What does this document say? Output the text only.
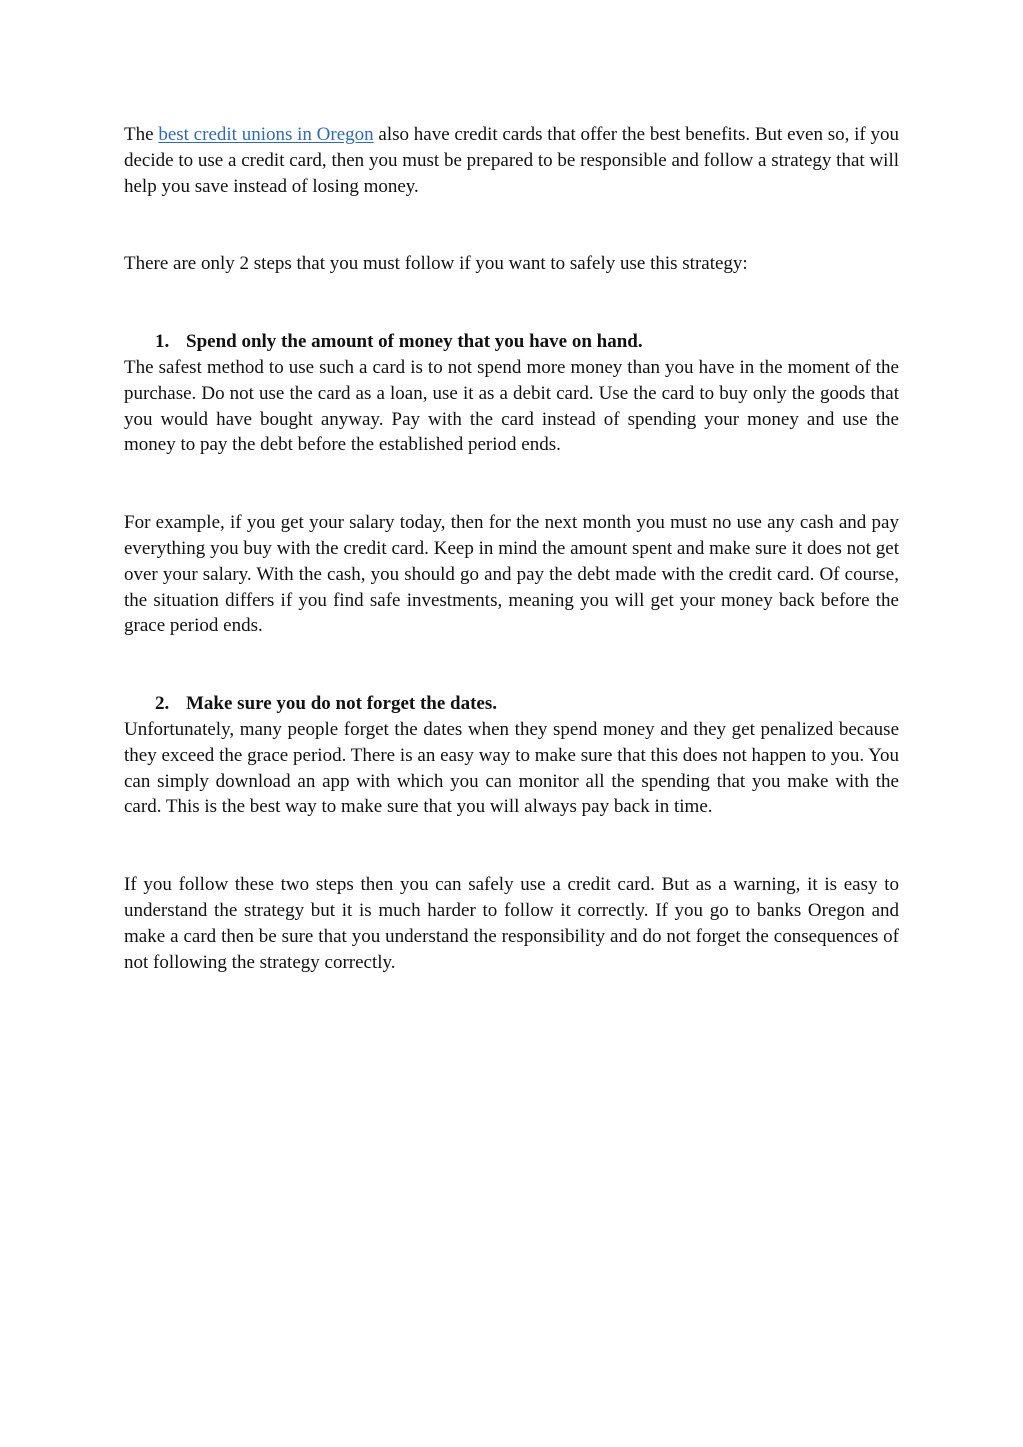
The best credit unions in Oregon also have credit cards that offer the best benefits. But even so, if you decide to use a credit card, then you must be prepared to be responsible and follow a strategy that will help you save instead of losing money.

There are only 2 steps that you must follow if you want to safely use this strategy:

1. Spend only the amount of money that you have on hand.

The safest method to use such a card is to not spend more money than you have in the moment of the purchase. Do not use the card as a loan, use it as a debit card. Use the card to buy only the goods that you would have bought anyway. Pay with the card instead of spending your money and use the money to pay the debt before the established period ends.

For example, if you get your salary today, then for the next month you must no use any cash and pay everything you buy with the credit card. Keep in mind the amount spent and make sure it does not get over your salary. With the cash, you should go and pay the debt made with the credit card. Of course, the situation differs if you find safe investments, meaning you will get your money back before the grace period ends.

2. Make sure you do not forget the dates.

Unfortunately, many people forget the dates when they spend money and they get penalized because they exceed the grace period. There is an easy way to make sure that this does not happen to you. You can simply download an app with which you can monitor all the spending that you make with the card. This is the best way to make sure that you will always pay back in time.

If you follow these two steps then you can safely use a credit card. But as a warning, it is easy to understand the strategy but it is much harder to follow it correctly. If you go to banks Oregon and make a card then be sure that you understand the responsibility and do not forget the consequences of not following the strategy correctly.
